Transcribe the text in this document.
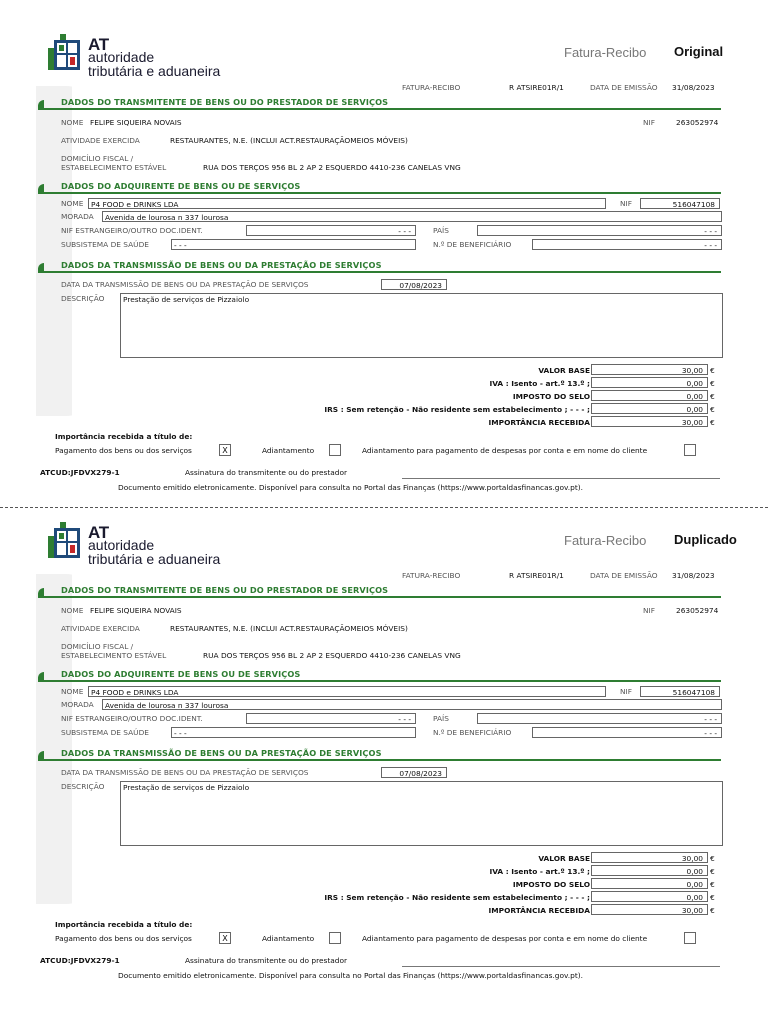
AT
autoridade
tributária e aduaneira
Fatura-Recibo Original
FATURA-RECIBO	R ATSIRE01R/1	DATA DE EMISSÃO 31/08/2023
DADOS DO TRANSMITENTE DE BENS OU DO PRESTADOR DE SERVIÇOS
NOME FELIPE SIQUEIRA NOVAIS	NIF	263052974
ATIVIDADE EXERCIDA	RESTAURANTES, N.E. (INCLUI ACT.RESTAURAÇÃOMEIOS MÓVEIS)
DOMICÍLIO FISCAL /
ESTABELECIMENTO ESTÁVEL	RUA DOS TERÇOS 956 BL 2 AP 2 ESQUERDO 4410-236 CANELAS VNG
DADOS DO ADQUIRENTE DE BENS OU DE SERVIÇOS
NOME P4 FOOD e DRINKS LDA	NIF	516047108
MORADA Avenida de lourosa n 337 lourosa
NIF ESTRANGEIRO/OUTRO DOC.IDENT.	- - -	PAÍS	- - -
SUBSISTEMA DE SAÚDE	- - -	N.º DE BENEFICIÁRIO	- - -
DADOS DA TRANSMISSÃO DE BENS OU DA PRESTAÇÃO DE SERVIÇOS
DATA DA TRANSMISSÃO DE BENS OU DA PRESTAÇÃO DE SERVIÇOS	07/08/2023
DESCRIÇÃO	Prestação de serviços de Pizzaiolo
VALOR BASE	30,00 €
IVA : Isento - art.º 13.º ;	0,00 €
IMPOSTO DO SELO	0,00 €
IRS : Sem retenção - Não residente sem estabelecimento ; - - - ;	0,00 €
IMPORTÂNCIA RECEBIDA	30,00 €
Importância recebida a título de:
Pagamento dos bens ou dos serviços	X	Adiantamento	Adiantamento para pagamento de despesas por conta e em nome do cliente
ATCUD:JFDVX279-1	Assinatura do transmitente ou do prestador
Documento emitido eletronicamente. Disponível para consulta no Portal das Finanças (https://www.portaldasfinancas.gov.pt).
AT
autoridade
tributária e aduaneira
Fatura-Recibo Duplicado
FATURA-RECIBO	R ATSIRE01R/1	DATA DE EMISSÃO 31/08/2023
DADOS DO TRANSMITENTE DE BENS OU DO PRESTADOR DE SERVIÇOS
NOME FELIPE SIQUEIRA NOVAIS	NIF	263052974
ATIVIDADE EXERCIDA	RESTAURANTES, N.E. (INCLUI ACT.RESTAURAÇÃOMEIOS MÓVEIS)
DOMICÍLIO FISCAL /
ESTABELECIMENTO ESTÁVEL	RUA DOS TERÇOS 956 BL 2 AP 2 ESQUERDO 4410-236 CANELAS VNG
DADOS DO ADQUIRENTE DE BENS OU DE SERVIÇOS
NOME P4 FOOD e DRINKS LDA	NIF	516047108
MORADA Avenida de lourosa n 337 lourosa
NIF ESTRANGEIRO/OUTRO DOC.IDENT.	- - -	PAÍS	- - -
SUBSISTEMA DE SAÚDE	- - -	N.º DE BENEFICIÁRIO	- - -
DADOS DA TRANSMISSÃO DE BENS OU DA PRESTAÇÃO DE SERVIÇOS
DATA DA TRANSMISSÃO DE BENS OU DA PRESTAÇÃO DE SERVIÇOS	07/08/2023
DESCRIÇÃO	Prestação de serviços de Pizzaiolo
VALOR BASE	30,00 €
IVA : Isento - art.º 13.º ;	0,00 €
IMPOSTO DO SELO	0,00 €
IRS : Sem retenção - Não residente sem estabelecimento ; - - - ;	0,00 €
IMPORTÂNCIA RECEBIDA	30,00 €
Importância recebida a título de:
Pagamento dos bens ou dos serviços	X	Adiantamento	Adiantamento para pagamento de despesas por conta e em nome do cliente
ATCUD:JFDVX279-1	Assinatura do transmitente ou do prestador
Documento emitido eletronicamente. Disponível para consulta no Portal das Finanças (https://www.portaldasfinancas.gov.pt).
